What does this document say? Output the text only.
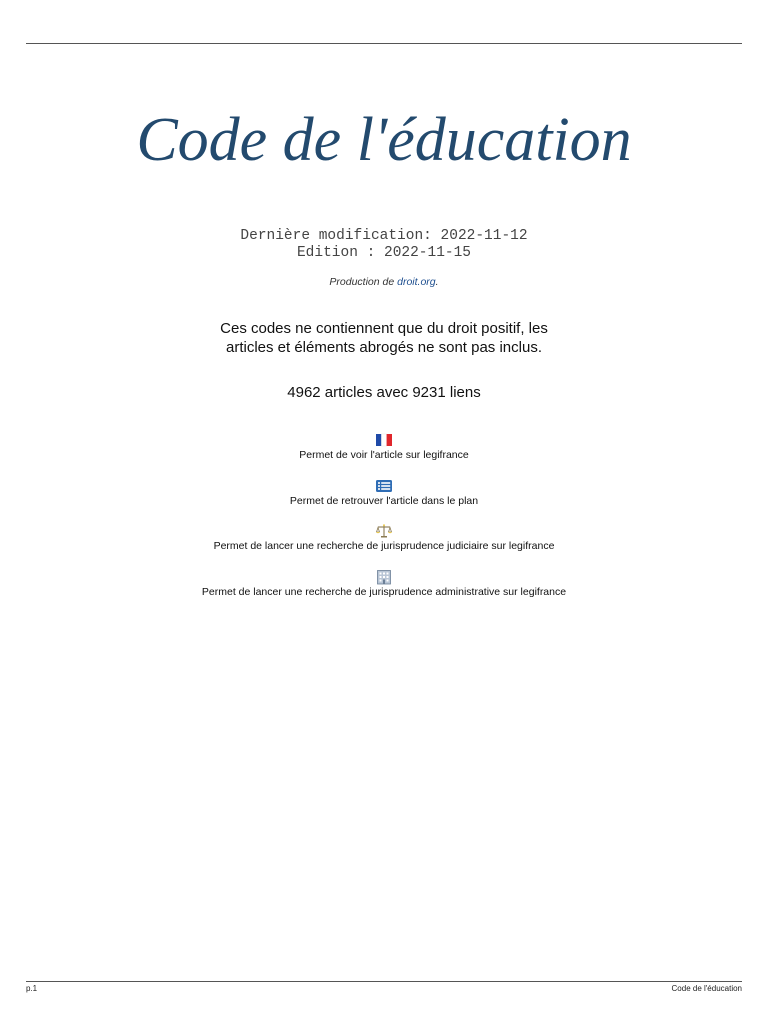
Code de l'éducation
Dernière modification: 2022-11-12
Edition : 2022-11-15
Production de droit.org.
Ces codes ne contiennent que du droit positif, les
articles et éléments abrogés ne sont pas inclus.
4962 articles avec 9231 liens
Permet de voir l'article sur legifrance
Permet de retrouver l'article dans le plan
Permet de lancer une recherche de jurisprudence judiciaire sur legifrance
Permet de lancer une recherche de jurisprudence administrative sur legifrance
p.1	Code de l'éducation
